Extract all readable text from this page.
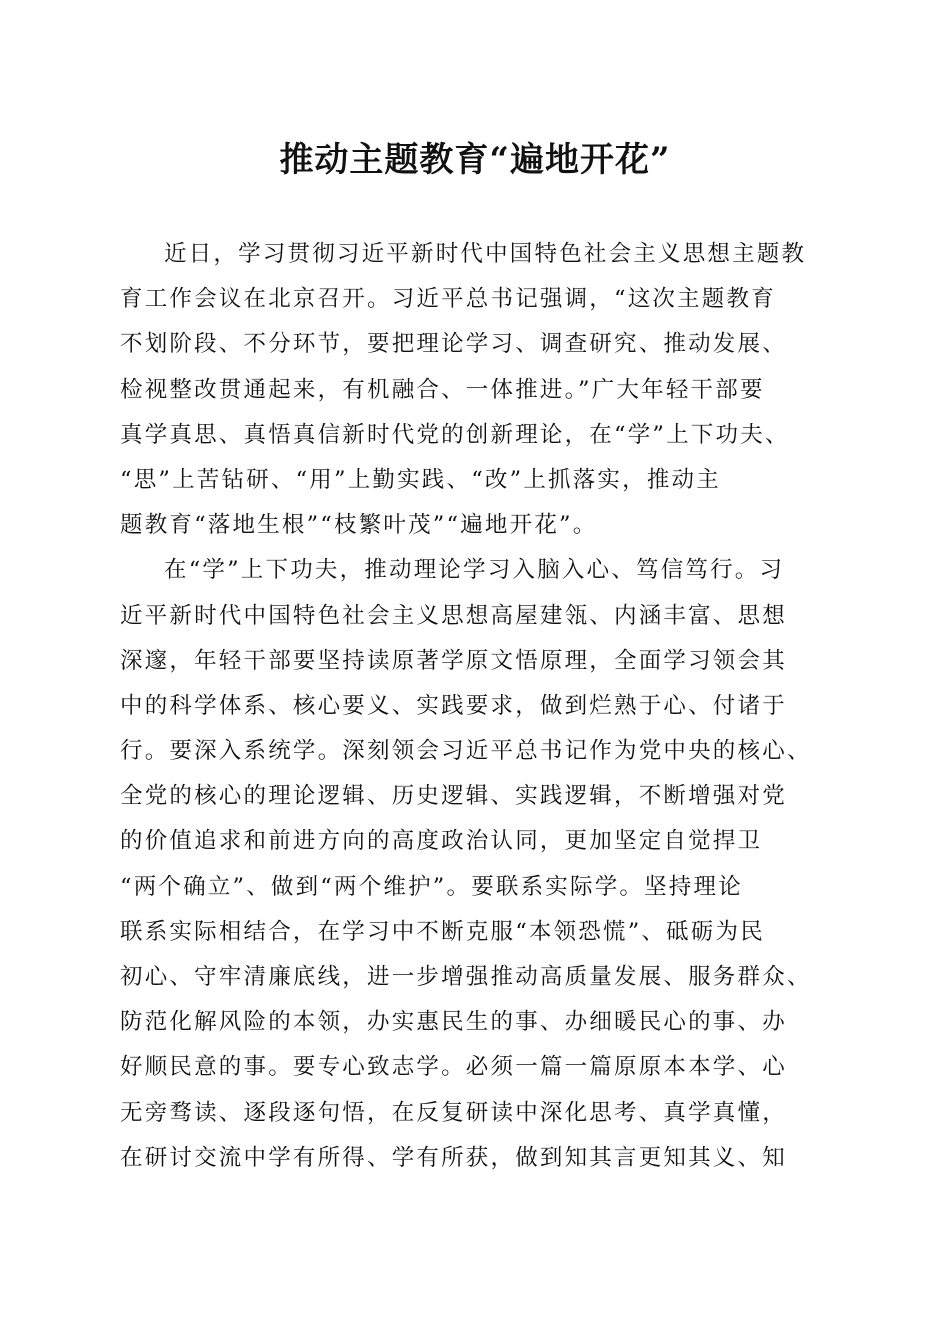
推动主题教育“遍地开花”

近日，学习贯彻习近平新时代中国特色社会主义思想主题教
育工作会议在北京召开。习近平总书记强调，“这次主题教育
不划阶段、不分环节，要把理论学习、调查研究、推动发展、
检视整改贯通起来，有机融合、一体推进。”广大年轻干部要
真学真思、真悟真信新时代党的创新理论，在“学”上下功夫、
“思”上苦钻研、“用”上勤实践、“改”上抓落实，推动主
题教育“落地生根”“枝繁叶茂”“遍地开花”。

在“学”上下功夫，推动理论学习入脑入心、笃信笃行。习
近平新时代中国特色社会主义思想高屋建瓴、内涵丰富、思想
深邃，年轻干部要坚持读原著学原文悟原理，全面学习领会其
中的科学体系、核心要义、实践要求，做到烂熟于心、付诸于
行。要深入系统学。深刻领会习近平总书记作为党中央的核心、
全党的核心的理论逻辑、历史逻辑、实践逻辑，不断增强对党
的价值追求和前进方向的高度政治认同，更加坚定自觉捍卫
“两个确立”、做到“两个维护”。要联系实际学。坚持理论
联系实际相结合，在学习中不断克服“本领恐慌”、砥砺为民
初心、守牢清廉底线，进一步增强推动高质量发展、服务群众、
防范化解风险的本领，办实惠民生的事、办细暖民心的事、办
好顺民意的事。要专心致志学。必须一篇一篇原原本本学、心
无旁骛读、逐段逐句悟，在反复研读中深化思考、真学真懂，
在研讨交流中学有所得、学有所获，做到知其言更知其义、知
